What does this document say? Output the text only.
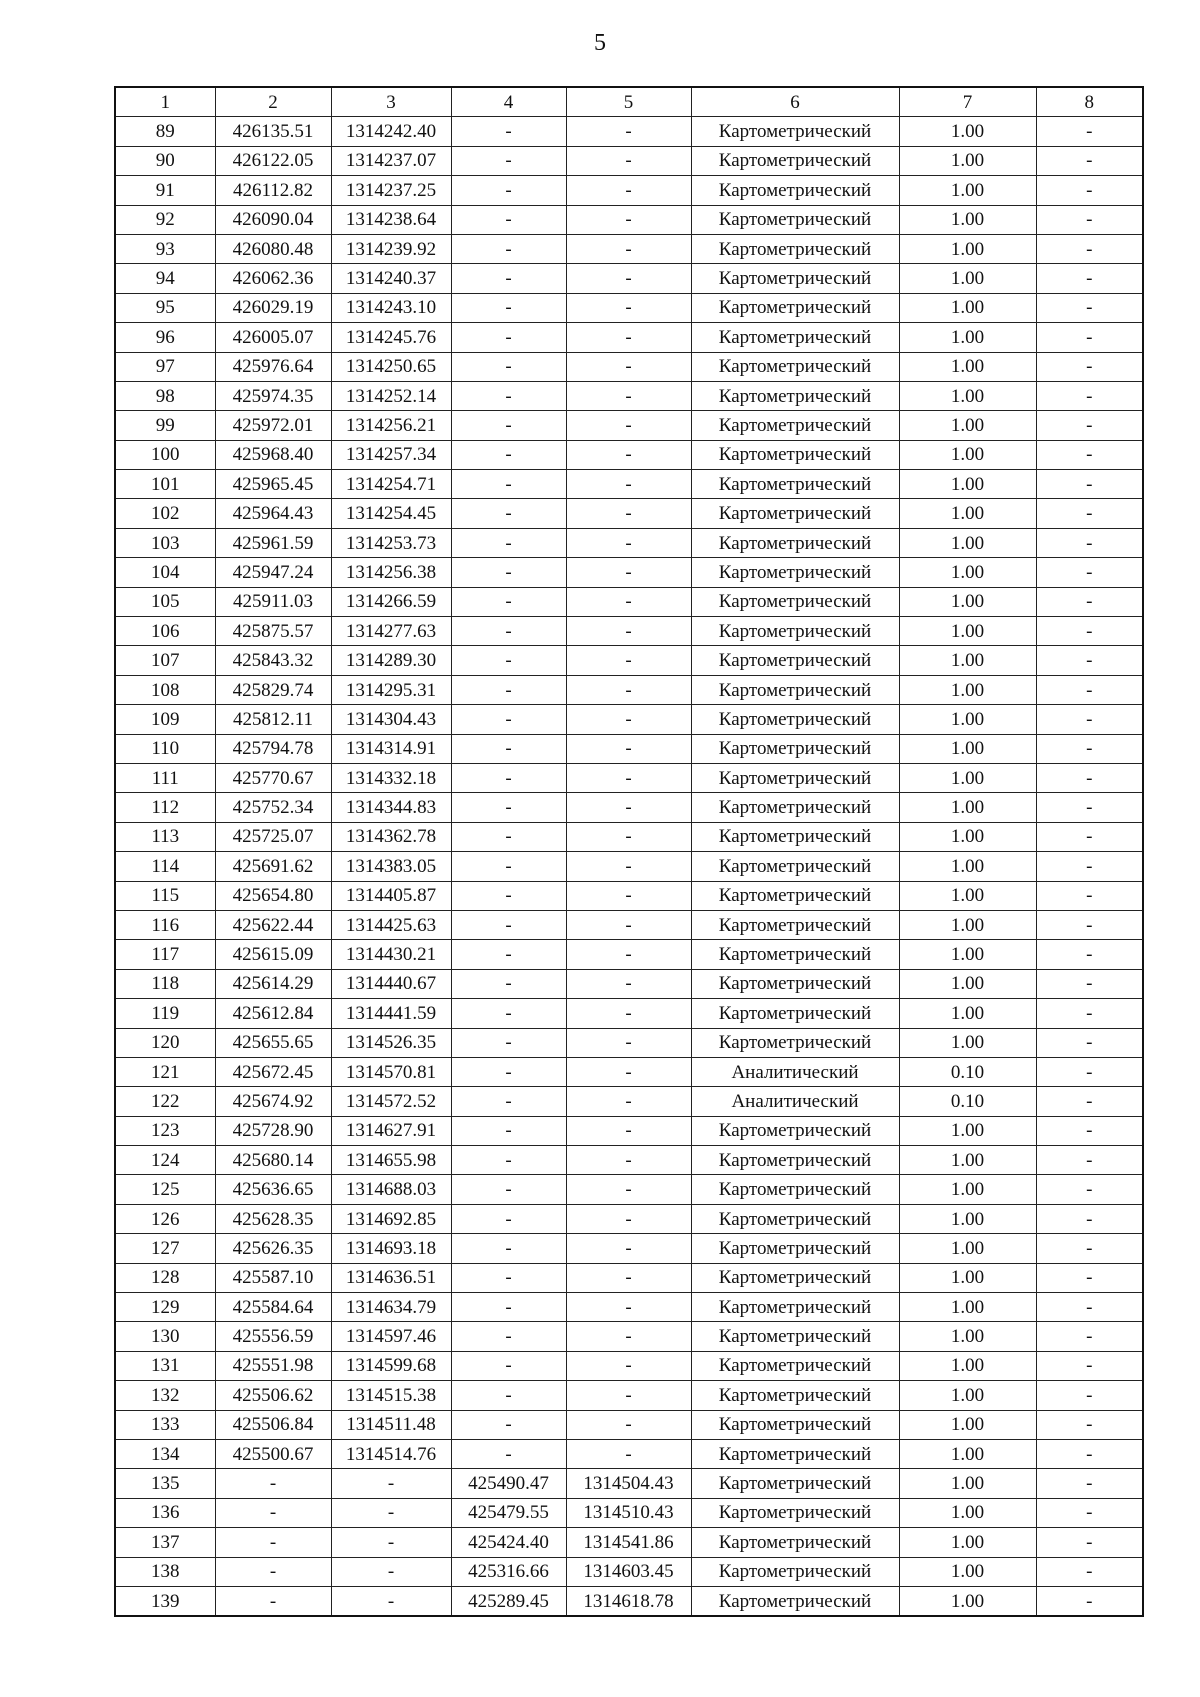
5
1	2	3	4	5	6	7	8
89	426135.51	1314242.40	-	-	Картометрический	1.00	-
90	426122.05	1314237.07	-	-	Картометрический	1.00	-
91	426112.82	1314237.25	-	-	Картометрический	1.00	-
92	426090.04	1314238.64	-	-	Картометрический	1.00	-
93	426080.48	1314239.92	-	-	Картометрический	1.00	-
94	426062.36	1314240.37	-	-	Картометрический	1.00	-
95	426029.19	1314243.10	-	-	Картометрический	1.00	-
96	426005.07	1314245.76	-	-	Картометрический	1.00	-
97	425976.64	1314250.65	-	-	Картометрический	1.00	-
98	425974.35	1314252.14	-	-	Картометрический	1.00	-
99	425972.01	1314256.21	-	-	Картометрический	1.00	-
100	425968.40	1314257.34	-	-	Картометрический	1.00	-
101	425965.45	1314254.71	-	-	Картометрический	1.00	-
102	425964.43	1314254.45	-	-	Картометрический	1.00	-
103	425961.59	1314253.73	-	-	Картометрический	1.00	-
104	425947.24	1314256.38	-	-	Картометрический	1.00	-
105	425911.03	1314266.59	-	-	Картометрический	1.00	-
106	425875.57	1314277.63	-	-	Картометрический	1.00	-
107	425843.32	1314289.30	-	-	Картометрический	1.00	-
108	425829.74	1314295.31	-	-	Картометрический	1.00	-
109	425812.11	1314304.43	-	-	Картометрический	1.00	-
110	425794.78	1314314.91	-	-	Картометрический	1.00	-
111	425770.67	1314332.18	-	-	Картометрический	1.00	-
112	425752.34	1314344.83	-	-	Картометрический	1.00	-
113	425725.07	1314362.78	-	-	Картометрический	1.00	-
114	425691.62	1314383.05	-	-	Картометрический	1.00	-
115	425654.80	1314405.87	-	-	Картометрический	1.00	-
116	425622.44	1314425.63	-	-	Картометрический	1.00	-
117	425615.09	1314430.21	-	-	Картометрический	1.00	-
118	425614.29	1314440.67	-	-	Картометрический	1.00	-
119	425612.84	1314441.59	-	-	Картометрический	1.00	-
120	425655.65	1314526.35	-	-	Картометрический	1.00	-
121	425672.45	1314570.81	-	-	Аналитический	0.10	-
122	425674.92	1314572.52	-	-	Аналитический	0.10	-
123	425728.90	1314627.91	-	-	Картометрический	1.00	-
124	425680.14	1314655.98	-	-	Картометрический	1.00	-
125	425636.65	1314688.03	-	-	Картометрический	1.00	-
126	425628.35	1314692.85	-	-	Картометрический	1.00	-
127	425626.35	1314693.18	-	-	Картометрический	1.00	-
128	425587.10	1314636.51	-	-	Картометрический	1.00	-
129	425584.64	1314634.79	-	-	Картометрический	1.00	-
130	425556.59	1314597.46	-	-	Картометрический	1.00	-
131	425551.98	1314599.68	-	-	Картометрический	1.00	-
132	425506.62	1314515.38	-	-	Картометрический	1.00	-
133	425506.84	1314511.48	-	-	Картометрический	1.00	-
134	425500.67	1314514.76	-	-	Картометрический	1.00	-
135	-	-	425490.47	1314504.43	Картометрический	1.00	-
136	-	-	425479.55	1314510.43	Картометрический	1.00	-
137	-	-	425424.40	1314541.86	Картометрический	1.00	-
138	-	-	425316.66	1314603.45	Картометрический	1.00	-
139	-	-	425289.45	1314618.78	Картометрический	1.00	-
